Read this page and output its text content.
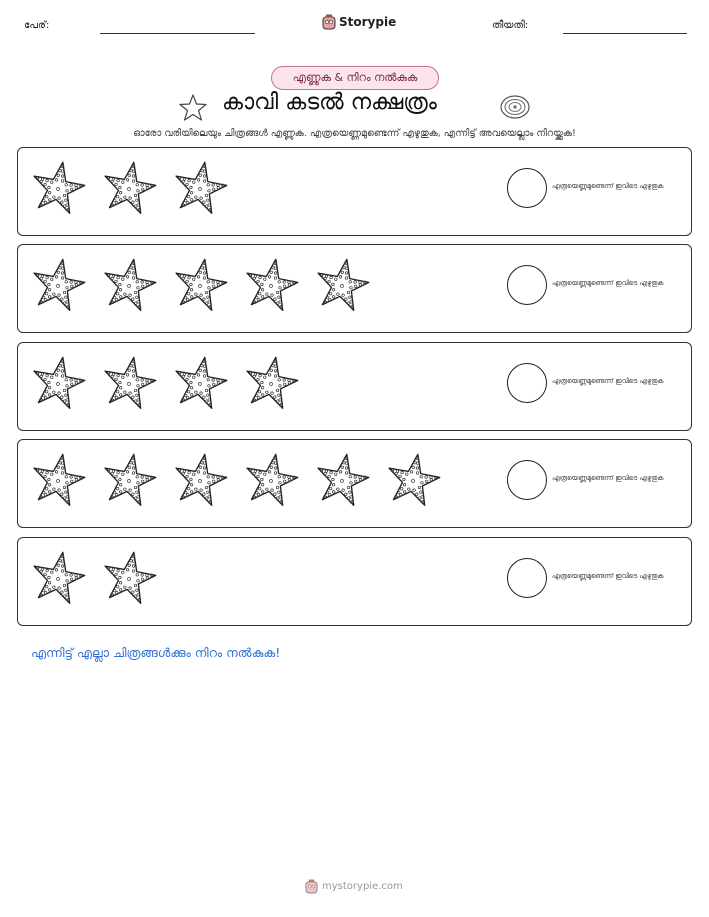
പേര്:	Storypie	തീയതി:
എണ്ണുക & നിറം നൽകുക
കാവി കടൽ നക്ഷത്രം
ഓരോ വരിയിലെയും ചിത്രങ്ങൾ എണ്ണുക. എത്രയെണ്ണമുണ്ടെന്ന് എഴുതുക, എന്നിട്ട് അവയെല്ലാം നിറയ്ക്കുക!
എത്രയെണ്ണമുണ്ടെന്ന് ഇവിടെ എഴുതുക
എത്രയെണ്ണമുണ്ടെന്ന് ഇവിടെ എഴുതുക
എത്രയെണ്ണമുണ്ടെന്ന് ഇവിടെ എഴുതുക
എത്രയെണ്ണമുണ്ടെന്ന് ഇവിടെ എഴുതുക
എത്രയെണ്ണമുണ്ടെന്ന് ഇവിടെ എഴുതുക
എന്നിട്ട് എല്ലാ ചിത്രങ്ങൾക്കും നിറം നൽകുക!
mystorypie.com
